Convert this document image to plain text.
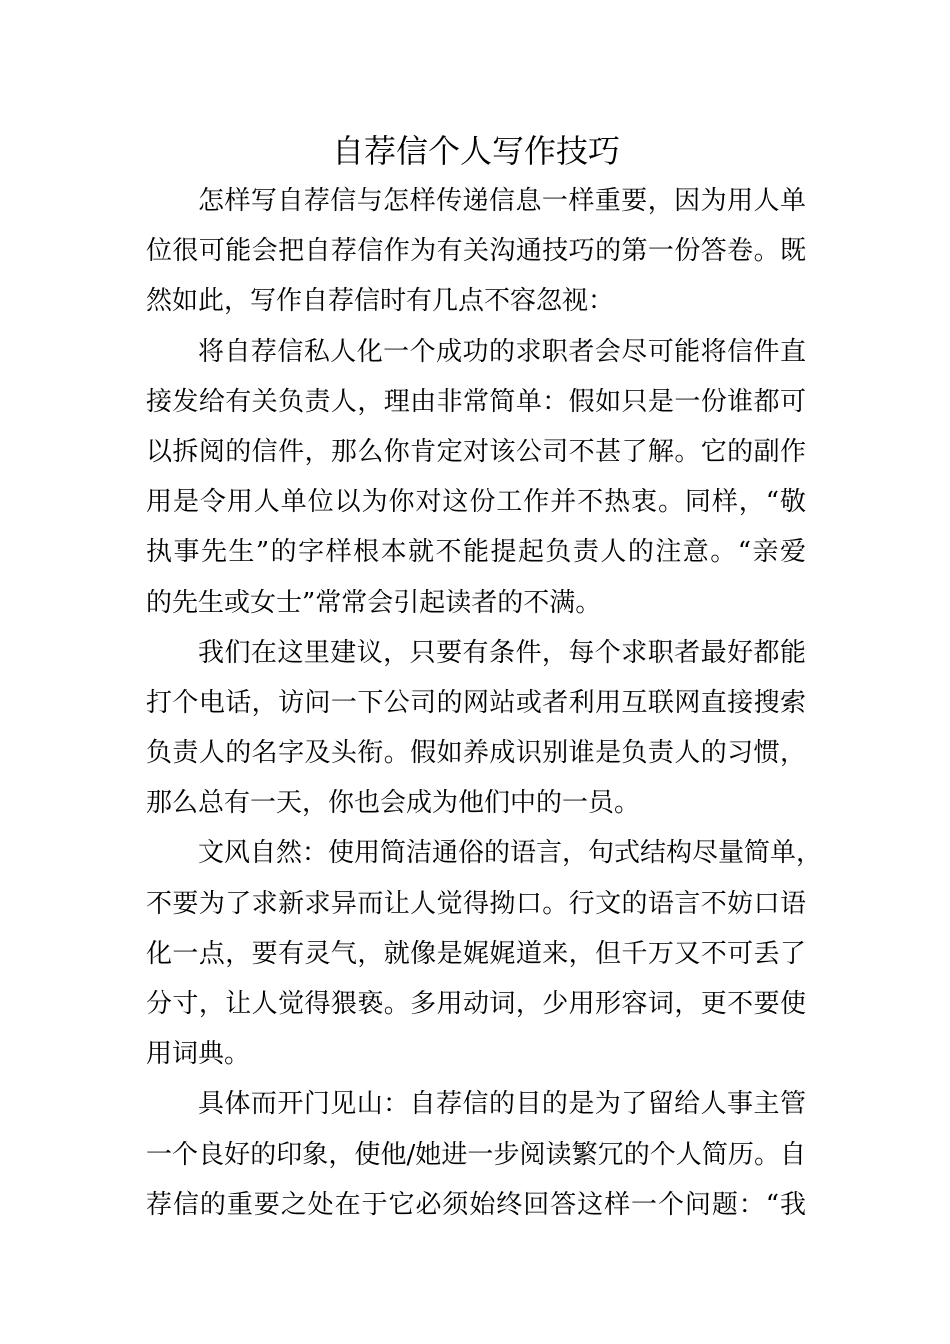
自荐信个人写作技巧

怎样写自荐信与怎样传递信息一样重要，因为用人单
位很可能会把自荐信作为有关沟通技巧的第一份答卷。既
然如此，写作自荐信时有几点不容忽视：

将自荐信私人化一个成功的求职者会尽可能将信件直
接发给有关负责人，理由非常简单：假如只是一份谁都可
以拆阅的信件，那么你肯定对该公司不甚了解。它的副作
用是令用人单位以为你对这份工作并不热衷。同样，“敬
执事先生”的字样根本就不能提起负责人的注意。“亲爱
的先生或女士”常常会引起读者的不满。

我们在这里建议，只要有条件，每个求职者最好都能
打个电话，访问一下公司的网站或者利用互联网直接搜索
负责人的名字及头衔。假如养成识别谁是负责人的习惯，
那么总有一天，你也会成为他们中的一员。

文风自然：使用简洁通俗的语言，句式结构尽量简单，
不要为了求新求异而让人觉得拗口。行文的语言不妨口语
化一点，要有灵气，就像是娓娓道来，但千万又不可丢了
分寸，让人觉得猥亵。多用动词，少用形容词，更不要使
用词典。

具体而开门见山：自荐信的目的是为了留给人事主管
一个良好的印象，使他/她进一步阅读繁冗的个人简历。自
荐信的重要之处在于它必须始终回答这样一个问题：“我
